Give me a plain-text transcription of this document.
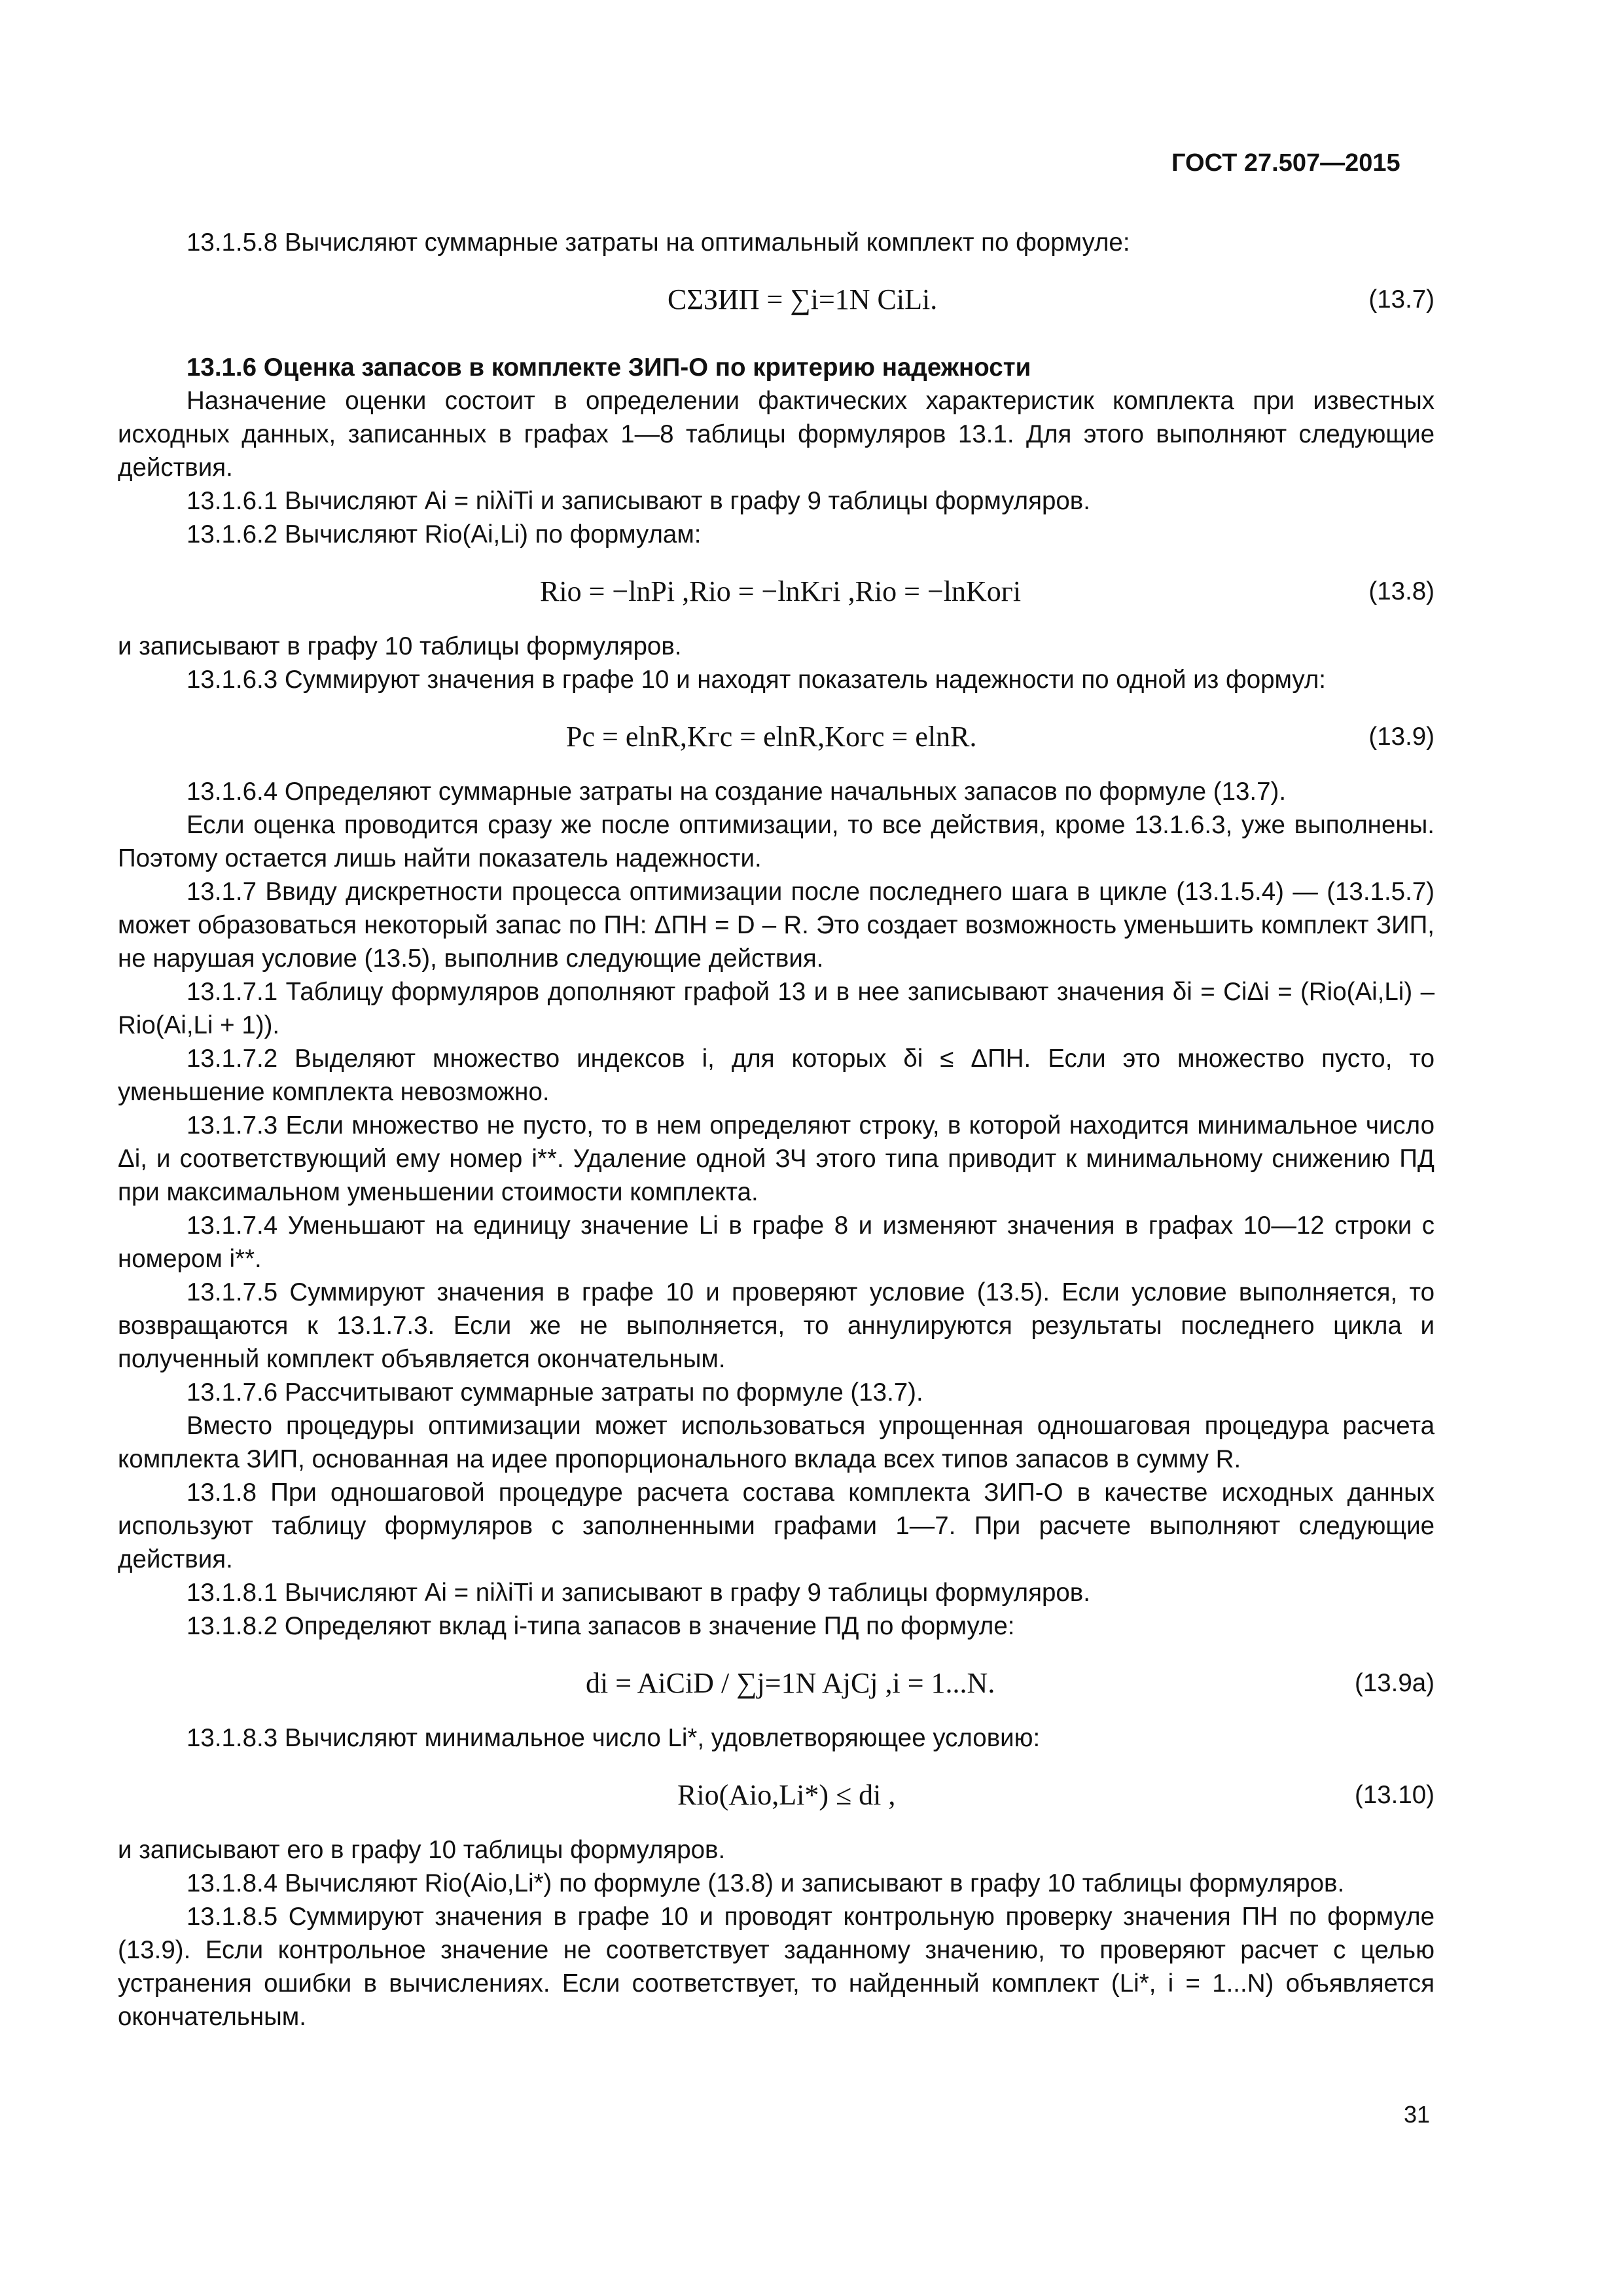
ГОСТ 27.507—2015

13.1.5.8 Вычисляют суммарные затраты на оптимальный комплект по формуле:

CΣЗИП = ∑i=1N CiLi.	(13.7)

13.1.6 Оценка запасов в комплекте ЗИП-О по критерию надежности

Назначение оценки состоит в определении фактических характеристик комплекта при известных исходных данных, записанных в графах 1—8 таблицы формуляров 13.1. Для этого выполняют следующие действия.

13.1.6.1 Вычисляют Ai = niλiTi и записывают в графу 9 таблицы формуляров.

13.1.6.2 Вычисляют Rio(Ai,Li) по формулам:

Rio = −lnPi ,Rio = −lnKгi ,Rio = −lnKогi	(13.8)

и записывают в графу 10 таблицы формуляров.

13.1.6.3 Суммируют значения в графе 10 и находят показатель надежности по одной из формул:

Pс = elnR,Kгс = elnR,Kогс = elnR.	(13.9)

13.1.6.4 Определяют суммарные затраты на создание начальных запасов по формуле (13.7).

Если оценка проводится сразу же после оптимизации, то все действия, кроме 13.1.6.3, уже выполнены. Поэтому остается лишь найти показатель надежности.

13.1.7 Ввиду дискретности процесса оптимизации после последнего шага в цикле (13.1.5.4) — (13.1.5.7) может образоваться некоторый запас по ПН: ΔПН = D – R. Это создает возможность уменьшить комплект ЗИП, не нарушая условие (13.5), выполнив следующие действия.

13.1.7.1 Таблицу формуляров дополняют графой 13 и в нее записывают значения δi = CiΔi = (Rio(Ai,Li) – Rio(Ai,Li + 1)).

13.1.7.2 Выделяют множество индексов i, для которых δi ≤ ΔПН. Если это множество пусто, то уменьшение комплекта невозможно.

13.1.7.3 Если множество не пусто, то в нем определяют строку, в которой находится минимальное число Δi, и соответствующий ему номер i**. Удаление одной ЗЧ этого типа приводит к минимальному снижению ПД при максимальном уменьшении стоимости комплекта.

13.1.7.4 Уменьшают на единицу значение Li в графе 8 и изменяют значения в графах 10—12 строки с номером i**.

13.1.7.5 Суммируют значения в графе 10 и проверяют условие (13.5). Если условие выполняется, то возвращаются к 13.1.7.3. Если же не выполняется, то аннулируются результаты последнего цикла и полученный комплект объявляется окончательным.

13.1.7.6 Рассчитывают суммарные затраты по формуле (13.7).

Вместо процедуры оптимизации может использоваться упрощенная одношаговая процедура расчета комплекта ЗИП, основанная на идее пропорционального вклада всех типов запасов в сумму R.

13.1.8 При одношаговой процедуре расчета состава комплекта ЗИП-О в качестве исходных данных используют таблицу формуляров с заполненными графами 1—7. При расчете выполняют следующие действия.

13.1.8.1 Вычисляют Ai = niλiTi и записывают в графу 9 таблицы формуляров.

13.1.8.2 Определяют вклад i-типа запасов в значение ПД по формуле:

di = AiCiD / ∑j=1N AjCj ,i = 1...N.	(13.9а)

13.1.8.3 Вычисляют минимальное число Li*, удовлетворяющее условию:

Rio(Aio,Li*) ≤ di ,	(13.10)

и записывают его в графу 10 таблицы формуляров.

13.1.8.4 Вычисляют Rio(Aio,Li*) по формуле (13.8) и записывают в графу 10 таблицы формуляров.

13.1.8.5 Суммируют значения в графе 10 и проводят контрольную проверку значения ПН по формуле (13.9). Если контрольное значение не соответствует заданному значению, то проверяют расчет с целью устранения ошибки в вычислениях. Если соответствует, то найденный комплект (Li*, i = 1...N) объявляется окончательным.

31
